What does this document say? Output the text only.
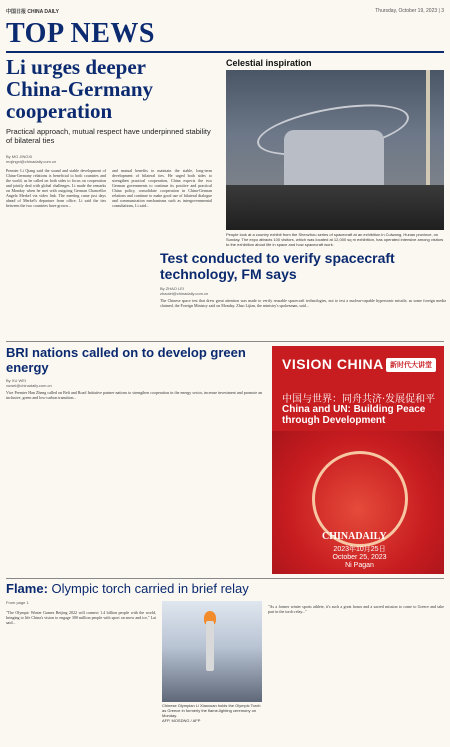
中国日报 CHINA DAILY	Thursday, October 19, 2023 | 3
TOP NEWS
Li urges deeper China-Germany cooperation
Practical approach, mutual respect have underpinned stability of bilateral ties
By MO JINGXI
mojingxi@chinadaily.com.cn
Premier Li Qiang said the sound and stable development of China-Germany relations is beneficial to both countries and the world, as he called on both sides to focus on cooperation and jointly deal with global challenges. Li made the remarks on Monday when he met with outgoing German Chancellor Angela Merkel via video link. The meeting came just days ahead of Merkel's departure from office. Li said the ties between the two countries have grown...
and mutual benefits to maintain the stable, long-term development of bilateral ties. He urged both sides to strengthen practical cooperation, China expects the two German governments to continue its positive and practical China policy, consolidate cooperation in China-German relations and continue to make good use of bilateral dialogue and communication mechanisms such as intergovernmental consultations, Li said...
Celestial inspiration
People look at a country exhibit from the Shenzhou series of spacecraft at an exhibition in Cuiwang, Hunan province, on Sunday. The expo attracts 100 visitors, which was located at 12,000 sq m exhibition, has operated intensive among visitors to the exhibition about life in space and how spacecraft work.
Test conducted to verify spacecraft technology, FM says
By ZHAO LEI
zhaolei@chinadaily.com.cn
The Chinese space test that drew great attention was made to verify reusable spacecraft technologies, not to test a nuclear-capable hypersonic missile, as some foreign media claimed, the Foreign Ministry said on Monday. Zhao Lijian, the ministry's spokesman, said...
BRI nations called on to develop green energy
By XU WEI
xuwei@chinadaily.com.cn
Vice Premier Han Zheng called on Belt and Road Initiative partner nations to strengthen cooperation in the energy sector, increase investment and promote an inclusive, green and low-carbon transition...
VISION CHINA 新时代大讲堂
中国与世界：同舟共济·发展促和平
China and UN: Building Peace through Development
CHINADAILY
2023年10月25日
October 25, 2023
Ni Pagan
Flame: Olympic torch carried in brief relay
From page 1
"The Olympic Winter Games Beijing 2022 will connect 1.4 billion people with the world, bringing to life China's vision to engage 300 million people with sport on snow and ice," Lai said...
Chinese Olympian Li Xiaoxuan holds the Olympic Torch as Greece in formerly the flame-lighting ceremony on Monday.
AFP, MOSDNG / AFP
"As a former winter sports athlete, it's such a great honor and a sacred mission to come to Greece and take part in the torch relay..."
